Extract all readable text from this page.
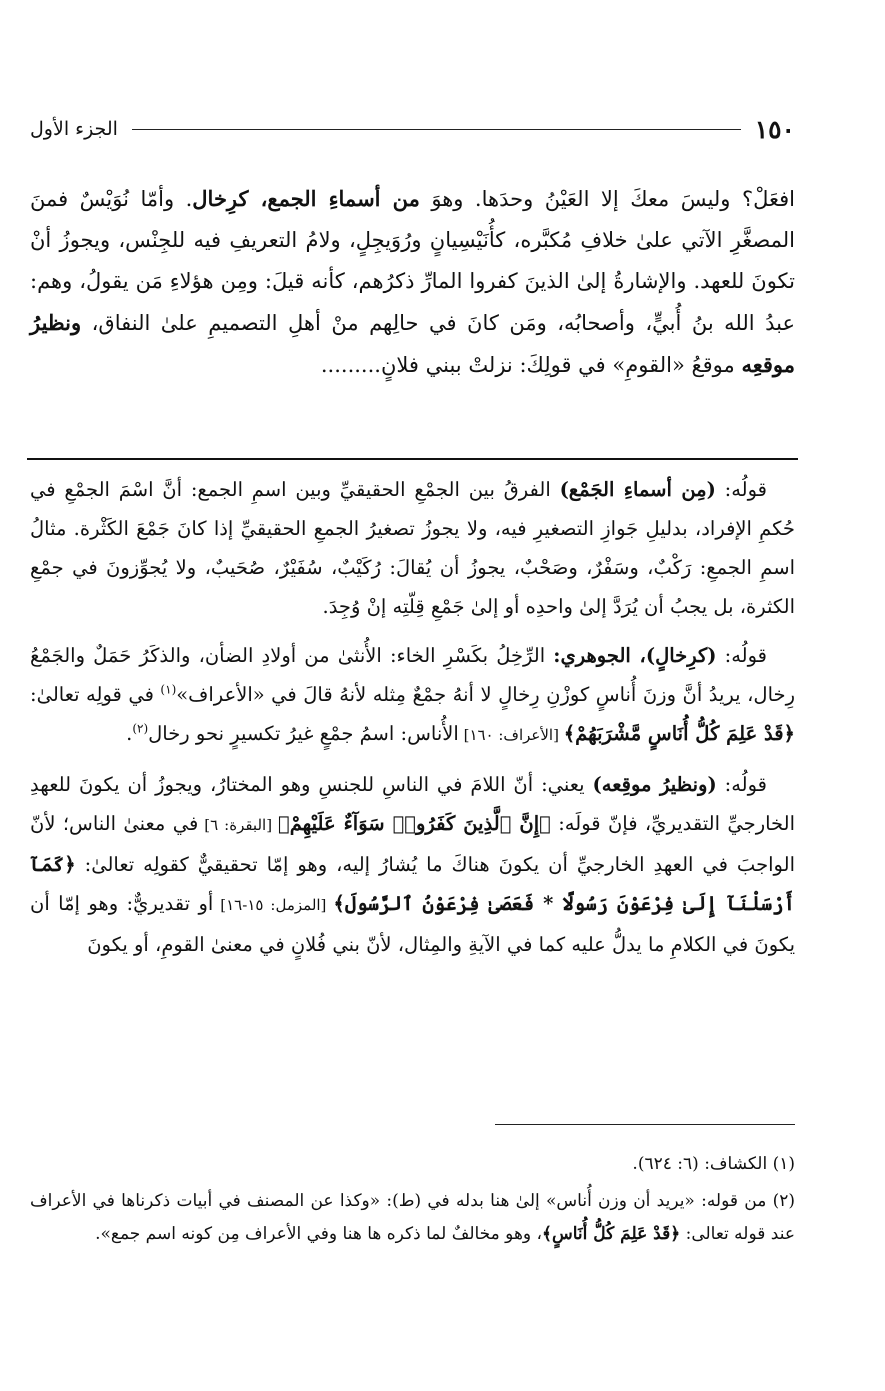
١٥٠
الجزء الأول

افعَلْ؟ وليسَ معكَ إلا العَيْنُ وحدَها. وهوَ من أسماءِ الجمع، كرِخال. وأمّا نُوَيْسٌ فمنَ المصغَّرِ الآتي علىٰ خلافِ مُكبَّره، كأُنَيْسِيانٍ ورُوَيجِلٍ، ولامُ التعريفِ فيه للجِنْس، ويجوزُ أنْ تكونَ للعهد. والإشارةُ إلىٰ الذينَ كفروا المارِّ ذكرُهم، كأنه قيلَ: ومِن هؤلاءِ مَن يقولُ، وهم: عبدُ الله بنُ أُبيٍّ، وأصحابُه، ومَن كانَ في حالِهم منْ أهلِ التصميمِ علىٰ النفاق، ونظيرُ موقعِه موقعُ «القومِ» في قولِكَ: نزلتْ ببني فلانٍ.........

قولُه: (مِن أسماءِ الجَمْع) الفرقُ بين الجمْعِ الحقيقيِّ وبين اسمِ الجمع: أنَّ اسْمَ الجمْعِ في حُكمِ الإفراد، بدليلِ جَوازِ التصغيرِ فيه، ولا يجوزُ تصغيرُ الجمعِ الحقيقيِّ إذا كانَ جَمْعَ الكَثْرة. مثالُ اسمِ الجمعِ: رَكْبٌ، وسَفْرٌ، وصَحْبٌ، يجوزُ أن يُقالَ: رُكَيْبٌ، سُفَيْرٌ، صُحَيبٌ، ولا يُجوِّزونَ في جمْعِ الكثرة، بل يجبُ أن يُرَدَّ إلىٰ واحدِه أو إلىٰ جَمْعِ قِلّتِه إنْ وُجِدَ.

قولُه: (كرِخالٍ)، الجوهري: الرِّخِلُ بكَسْرِ الخاء: الأُنثىٰ من أولادِ الضأن، والذكَرُ حَمَلٌ والجَمْعُ رِخال، يريدُ أنَّ وزنَ أُناسٍ كوزْنِ رِخالٍ لا أنهُ جمْعٌ مِثله لأنهُ قالَ في «الأعراف»$^{(١)}$ في قولِه تعالىٰ: ﴿قَدْ عَلِمَ كُلُّ أُنَاسٍ مَّشْرَبَهُمْ﴾ [الأعراف: ١٦٠] الأُناس: اسمُ جمْعٍ غيرُ تكسيرٍ نحو رخال$^{(٢)}$.

قولُه: (ونظيرُ موقِعه) يعني: أنّ اللامَ في الناسِ للجنسِ وهو المختارُ، ويجوزُ أن يكونَ للعهدِ الخارجيِّ التقديريِّ، فإنّ قولَه: ﴿إِنَّ ٱلَّذِينَ كَفَرُوا۟ سَوَآءٌ عَلَيْهِمْ﴾ [البقرة: ٦] في معنىٰ الناس؛ لأنّ الواجبَ في العهدِ الخارجيِّ أن يكونَ هناكَ ما يُشارُ إليه، وهو إمّا تحقيقيٌّ كقولِه تعالىٰ: ﴿كَمَآ أَرْسَلْنَآ إِلَىٰ فِرْعَوْنَ رَسُولًا * فَعَصَىٰ فِرْعَوْنُ ٱلرَّسُولَ﴾ [المزمل: ١٥-١٦] أو تقديريٌّ: وهو إمّا أن يكونَ في الكلامِ ما يدلُّ عليه كما في الآيةِ والمِثال، لأنّ بني فُلانٍ في معنىٰ القومِ، أو يكونَ

(١) الكشاف: (٦: ٦٢٤).

(٢) من قوله: «يريد أن وزن أُناس» إلىٰ هنا بدله في (ط): «وكذا عن المصنف في أبيات ذكرناها في الأعراف عند قوله تعالى: ﴿قَدْ عَلِمَ كُلُّ أُنَاسٍ﴾، وهو مخالفٌ لما ذكره ها هنا وفي الأعراف مِن كونه اسم جمع».
